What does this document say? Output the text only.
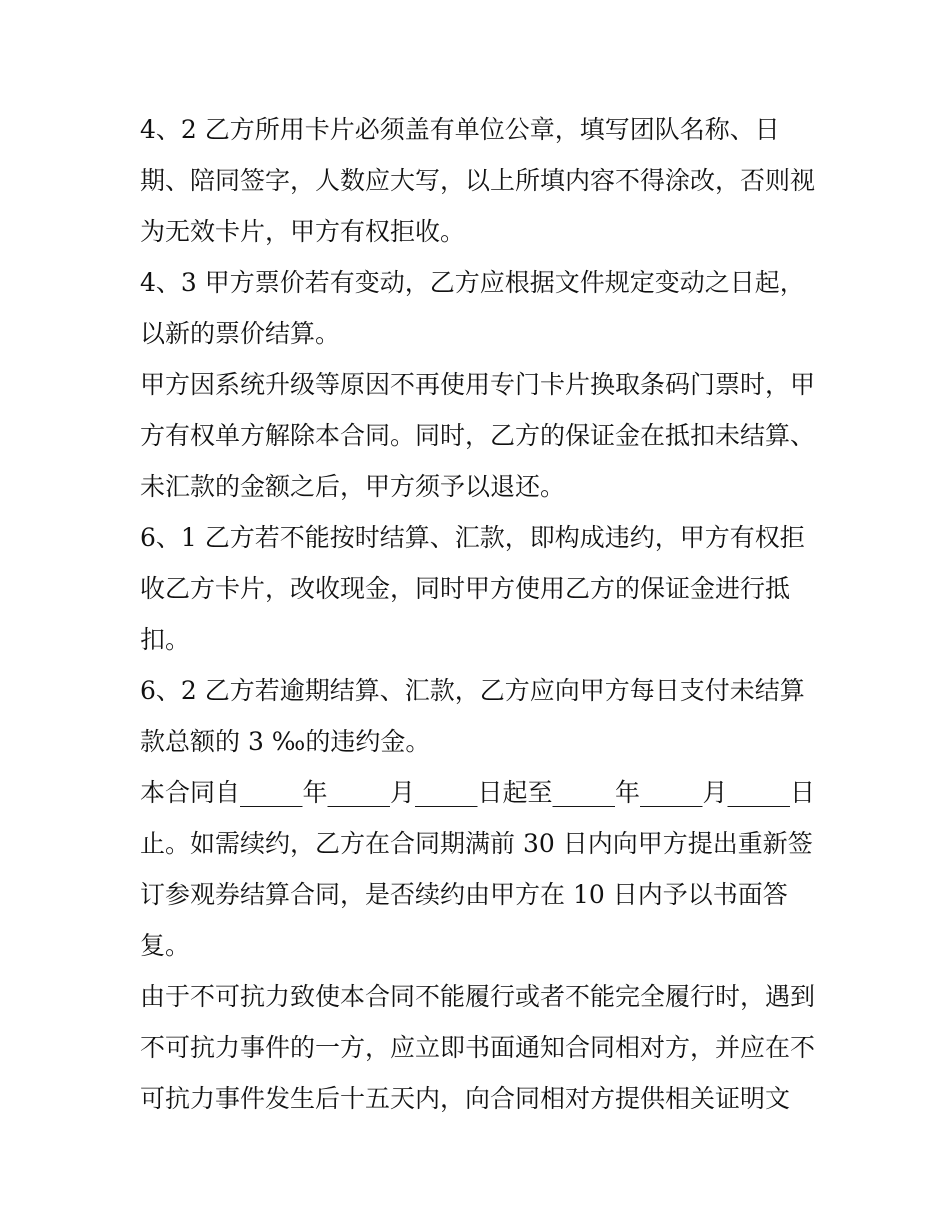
4、2 乙方所用卡片必须盖有单位公章，填写团队名称、日
期、陪同签字，人数应大写，以上所填内容不得涂改，否则视
为无效卡片，甲方有权拒收。
4、3 甲方票价若有变动，乙方应根据文件规定变动之日起，
以新的票价结算。
甲方因系统升级等原因不再使用专门卡片换取条码门票时，甲
方有权单方解除本合同。同时，乙方的保证金在抵扣未结算、
未汇款的金额之后，甲方须予以退还。
6、1 乙方若不能按时结算、汇款，即构成违约，甲方有权拒
收乙方卡片，改收现金，同时甲方使用乙方的保证金进行抵
扣。
6、2 乙方若逾期结算、汇款，乙方应向甲方每日支付未结算
款总额的 3 ‰的违约金。
本合同自_____年_____月_____日起至_____年_____月_____日
止。如需续约，乙方在合同期满前 30 日内向甲方提出重新签
订参观券结算合同，是否续约由甲方在 10 日内予以书面答
复。
由于不可抗力致使本合同不能履行或者不能完全履行时，遇到
不可抗力事件的一方，应立即书面通知合同相对方，并应在不
可抗力事件发生后十五天内，向合同相对方提供相关证明文
